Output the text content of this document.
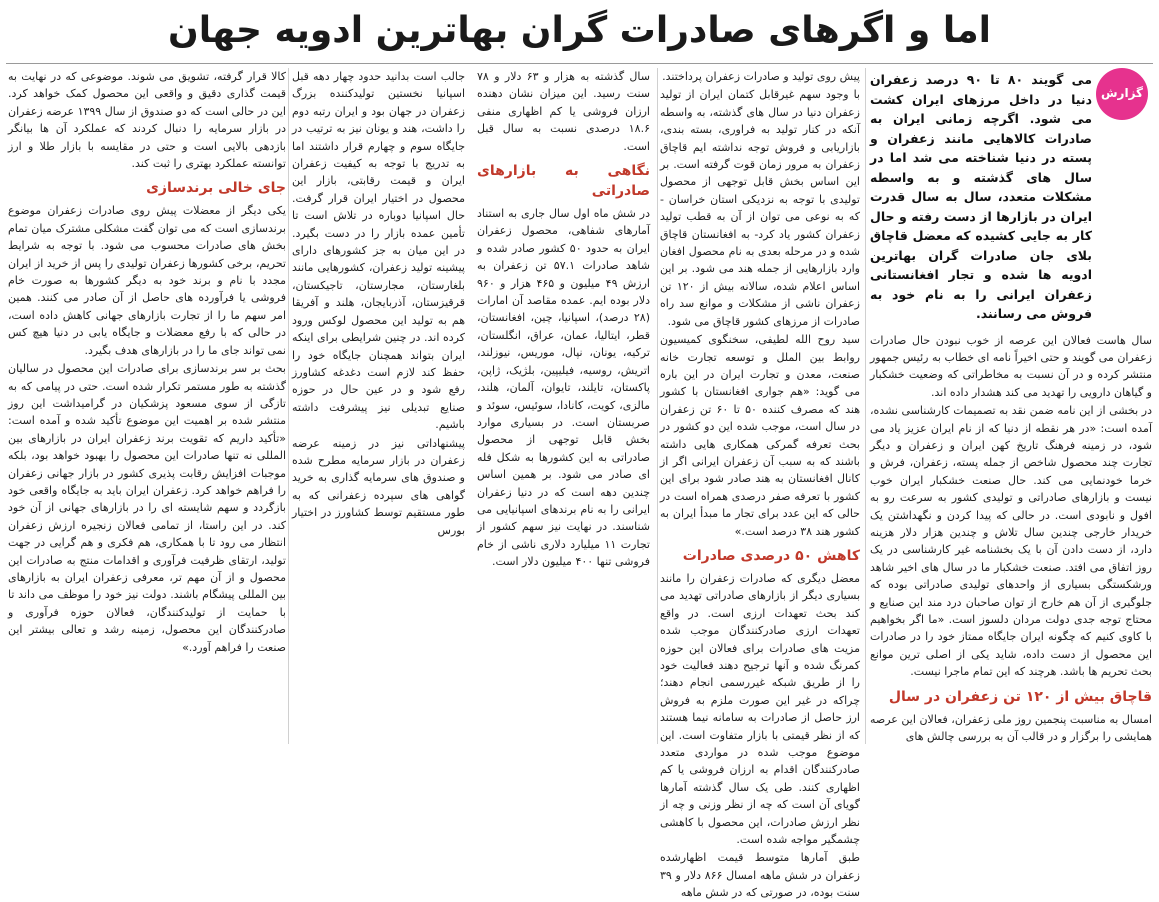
اما و اگرهای صادرات گران بهاترین ادویه جهان
گزارش

می گویند ۸۰ تا ۹۰ درصد زعفران دنیا در داخل مرزهای ایران کشت می شود. اگرچه زمانی ایران به صادرات کالاهایی مانند زعفران و پسته در دنیا شناخته می شد اما در سال های گذشته و به واسطه مشکلات متعدد، سال به سال قدرت ایران در بازارها از دست رفته و حال کار به جایی کشیده که معضل قاچاق بلای جان صادرات گران بهاترین ادویه ها شده و تجار افغانستانی زعفران ایرانی را به نام خود به فروش می رسانند.

سال هاست فعالان این عرصه از خوب نبودن حال صادرات زعفران می گویند و حتی اخیراً نامه ای خطاب به رئیس جمهور منتشر کرده و در آن نسبت به مخاطراتی که وضعیت خشکبار و گیاهان دارویی را تهدید می کند هشدار داده اند.

در بخشی از این نامه ضمن نقد به تصمیمات کارشناسی نشده، آمده است: «در هر نقطه از دنیا که از نام ایران عزیز یاد می شود، در زمینه فرهنگ تاریخ کهن ایران و زعفران و دیگر تجارت چند محصول شاخص از جمله پسته، زعفران، فرش و خرما خودنمایی می کند. حال صنعت خشکبار ایران خوب نیست و بازارهای صادراتی و تولیدی کشور به سرعت رو به افول و نابودی است. در حالی که پیدا کردن و نگهداشتن یک خریدار خارجی چندین سال تلاش و چندین هزار دلار هزینه دارد، از دست دادن آن با یک بخشنامه غیر کارشناسی در یک روز اتفاق می افتد. صنعت خشکبار ما در سال های اخیر شاهد ورشکستگی بسیاری از واحدهای تولیدی صادراتی بوده که جلوگیری از آن هم خارج از توان صاحبان درد مند این صنایع و محتاج توجه جدی دولت مردان دلسوز است. «ما اگر بخواهیم با کاوی کنیم که چگونه ایران جایگاه ممتاز خود را در صادرات این محصول از دست داده، شاید یکی از اصلی ترین موانع بحث تحریم ها باشد. هرچند که این تمام ماجرا نیست.

قاچاق بیش از ۱۲۰ تن زعفران در سال

امسال به مناسبت پنجمین روز ملی زعفران، فعالان این عرصه همایشی را برگزار و در قالب آن به بررسی چالش های

پیش روی تولید و صادرات زعفران پرداختند.

با وجود سهم غیرقابل کتمان ایران از تولید زعفران دنیا در سال های گذشته، به واسطه آنکه در کنار تولید به فراوری، بسته بندی، بازاریابی و فروش توجه نداشته ایم قاچاق زعفران به مرور زمان قوت گرفته است. بر این اساس بخش قابل توجهی از محصول تولیدی با توجه به نزدیکی استان خراسان - که به نوعی می توان از آن به قطب تولید زعفران کشور یاد کرد- به افغانستان قاچاق شده و در مرحله بعدی به نام محصول افغان وارد بازارهایی از جمله هند می شود. بر این اساس اعلام شده، سالانه بیش از ۱۲۰ تن زعفران ناشی از مشکلات و موانع سد راه صادرات از مرزهای کشور قاچاق می شود.

سید روح الله لطیفی، سخنگوی کمیسیون روابط بین الملل و توسعه تجارت خانه صنعت، معدن و تجارت ایران در این باره می گوید: «هم جواری افغانستان با کشور هند که مصرف کننده ۵۰ تا ۶۰ تن زعفران در سال است، موجب شده این دو کشور در بحث تعرفه گمرکی همکاری هایی داشته باشند که به سبب آن زعفران ایرانی اگر از کانال افغانستان به هند صادر شود برای این کشور با تعرفه صفر درصدی همراه است در حالی که این عدد برای تجار ما مبدأ ایران به کشور هند ۳۸ درصد است.»

کاهش ۵۰ درصدی صادرات

معضل دیگری که صادرات زعفران را مانند بسیاری دیگر از بازارهای صادراتی تهدید می کند بحث تعهدات ارزی است. در واقع تعهدات ارزی صادرکنندگان موجب شده مزیت های صادرات برای فعالان این حوزه کمرنگ شده و آنها ترجیح دهند فعالیت خود را از طریق شبکه غیررسمی انجام دهند؛ چراکه در غیر این صورت ملزم به فروش ارز حاصل از صادرات به سامانه نیما هستند که از نظر قیمتی با بازار متفاوت است. این موضوع موجب شده در مواردی متعدد صادرکنندگان اقدام به ارزان فروشی یا کم اظهاری کنند. طی یک سال گذشته آمارها گویای آن است که چه از نظر وزنی و چه از نظر ارزش صادرات، این محصول با کاهشی چشمگیر مواجه شده است.

طبق آمارها متوسط قیمت اظهارشده زعفران در شش ماهه امسال ۸۶۶ دلار و ۳۹ سنت بوده، در صورتی که در شش ماهه

سال گذشته به هزار و ۶۳ دلار و ۷۸ سنت رسید. این میزان نشان دهنده ارزان فروشی یا کم اظهاری منفی ۱۸.۶ درصدی نسبت به سال قبل است.

نگاهی به بازارهای صادراتی

در شش ماه اول سال جاری به استناد آمارهای شفاهی، محصول زعفران ایران به حدود ۵۰ کشور صادر شده و شاهد صادرات ۵۷.۱ تن زعفران به ارزش ۴۹ میلیون و ۴۶۵ هزار و ۹۶۰ دلار بوده ایم. عمده مقاصد آن امارات (۲۸ درصد)، اسپانیا، چین، افغانستان، قطر، ایتالیا، عمان، عراق، انگلستان، ترکیه، یونان، نپال، موریس، نیوزلند، اتریش، روسیه، فیلیپین، بلژیک، ژاپن، پاکستان، تایلند، تایوان، آلمان، هلند، مالزی، کویت، کانادا، سوئیس، سوئد و صربستان است. در بسیاری موارد بخش قابل توجهی از محصول صادراتی به این کشورها به شکل فله ای صادر می شود. بر همین اساس چندین دهه است که در دنیا زعفران ایرانی را به نام برندهای اسپانیایی می شناسند. در نهایت نیز سهم کشور از تجارت ۱۱ میلیارد دلاری ناشی از خام فروشی تنها ۴۰۰ میلیون دلار است.

جالب است بدانید حدود چهار دهه قبل اسپانیا نخستین تولیدکننده بزرگ زعفران در جهان بود و ایران رتبه دوم را داشت، هند و یونان نیز به ترتیب در جایگاه سوم و چهارم قرار داشتند اما به تدریج با توجه به کیفیت زعفران ایران و قیمت رقابتی، بازار این محصول در اختیار ایران قرار گرفت. حال اسپانیا دوباره در تلاش است تا تأمین عمده بازار را در دست بگیرد. در این میان به جز کشورهای دارای پیشینه تولید زعفران، کشورهایی مانند بلغارستان، مجارستان، تاجیکستان، قرقیزستان، آذربایجان، هلند و آفریقا هم به تولید این محصول لوکس ورود کرده اند. در چنین شرایطی برای اینکه ایران بتواند همچنان جایگاه خود را حفظ کند لازم است دغدغه کشاورز رفع شود و در عین حال در حوزه صنایع تبدیلی نیز پیشرفت داشته باشیم.

پیشنهاداتی نیز در زمینه عرضه زعفران در بازار سرمایه مطرح شده و صندوق های سرمایه گذاری به خرید گواهی های سپرده زعفرانی که به طور مستقیم توسط کشاورز در اختیار بورس

کالا قرار گرفته، تشویق می شوند. موضوعی که در نهایت به قیمت گذاری دقیق و واقعی این محصول کمک خواهد کرد. این در حالی است که دو صندوق از سال ۱۳۹۹ عرضه زعفران در بازار سرمایه را دنبال کردند که عملکرد آن ها بیانگر بازدهی بالایی است و حتی در مقایسه با بازار طلا و ارز توانسته عملکرد بهتری را ثبت کند.

جای خالی برندسازی

یکی دیگر از معضلات پیش روی صادرات زعفران موضوع برندسازی است که می توان گفت مشکلی مشترک میان تمام بخش های صادرات محسوب می شود. با توجه به شرایط تحریم، برخی کشورها زعفران تولیدی را پس از خرید از ایران مجدد با نام و برند خود به دیگر کشورها به صورت خام فروشی یا فرآورده های حاصل از آن صادر می کنند. همین امر سهم ما را از تجارت بازارهای جهانی کاهش داده است، در حالی که با رفع معضلات و جایگاه یابی در دنیا هیچ کس نمی تواند جای ما را در بازارهای هدف بگیرد.

بحث بر سر برندسازی برای صادرات این محصول در سالیان گذشته به طور مستمر تکرار شده است. حتی در پیامی که به تازگی از سوی مسعود پزشکیان در گرامیداشت این روز منتشر شده بر اهمیت این موضوع تأکید شده و آمده است: «تأکید داریم که تقویت برند زعفران ایران در بازارهای بین المللی نه تنها صادرات این محصول را بهبود خواهد بود، بلکه موجبات افزایش رقابت پذیری کشور در بازار جهانی زعفران را فراهم خواهد کرد. زعفران ایران باید به جایگاه واقعی خود بازگردد و سهم شایسته ای را در بازارهای جهانی از آن خود کند. در این راستا، از تمامی فعالان زنجیره ارزش زعفران انتظار می رود تا با همکاری، هم فکری و هم گرایی در جهت تولید، ارتقای ظرفیت فرآوری و اقدامات منتج به صادرات این محصول و از آن مهم تر، معرفی زعفران ایران به بازارهای بین المللی پیشگام باشند. دولت نیز خود را موظف می داند تا با حمایت از تولیدکنندگان، فعالان حوزه فرآوری و صادرکنندگان این محصول، زمینه رشد و تعالی بیشتر این صنعت را فراهم آورد.»
